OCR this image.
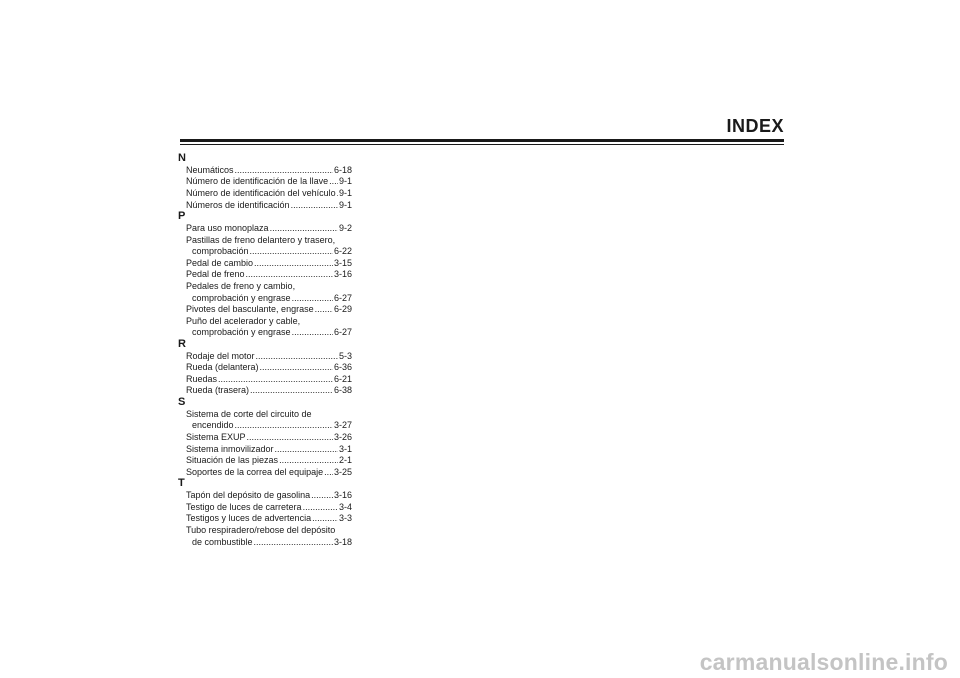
INDEX
N
Neumáticos .....	6-18
Número de identificación de la llave ..... 9-1
Número de identificación del vehículo ..... 9-1
Números de identificación .....	9-1
P
Para uso monoplaza .....	9-2
Pastillas de freno delantero y trasero,
comprobación .....	6-22
Pedal de cambio .....	3-15
Pedal de freno .....	3-16
Pedales de freno y cambio,
comprobación y engrase .....	6-27
Pivotes del basculante, engrase ..... 6-29
Puño del acelerador y cable,
comprobación y engrase .....	6-27
R
Rodaje del motor .....	5-3
Rueda (delantera) .....	6-36
Ruedas .....	6-21
Rueda (trasera) .....	6-38
S
Sistema de corte del circuito de
encendido .....	3-27
Sistema EXUP .....	3-26
Sistema inmovilizador .....	3-1
Situación de las piezas .....	2-1
Soportes de la correa del equipaje ..... 3-25
T
Tapón del depósito de gasolina .....	3-16
Testigo de luces de carretera .....	3-4
Testigos y luces de advertencia .....	3-3
Tubo respiradero/rebose del depósito
de combustible .....	3-18
carmanualsonline.info
